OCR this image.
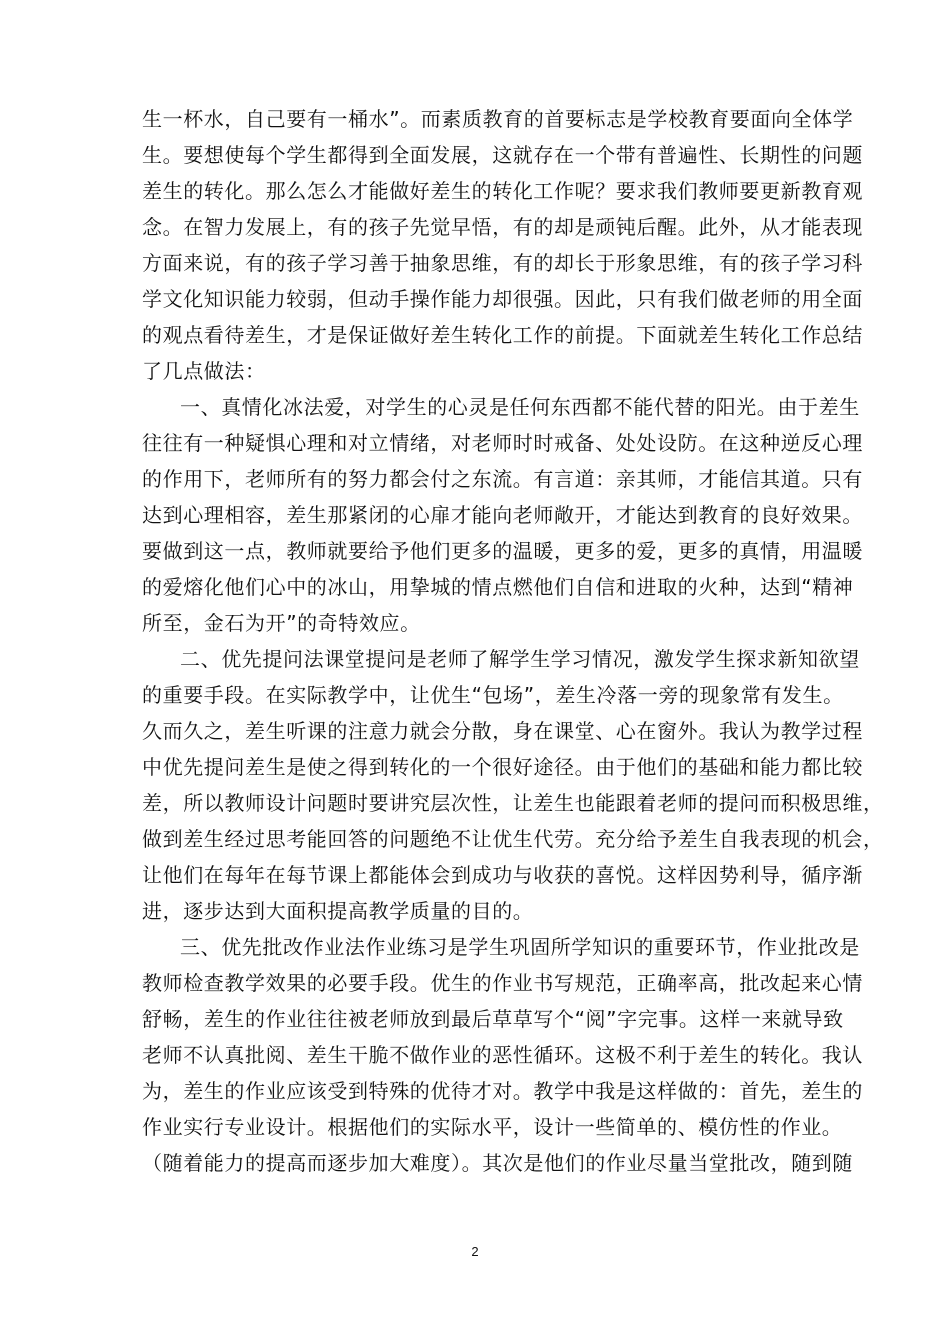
生一杯水，自己要有一桶水”。而素质教育的首要标志是学校教育要面向全体学
生。要想使每个学生都得到全面发展，这就存在一个带有普遍性、长期性的问题
差生的转化。那么怎么才能做好差生的转化工作呢？要求我们教师要更新教育观
念。在智力发展上，有的孩子先觉早悟，有的却是顽钝后醒。此外，从才能表现
方面来说，有的孩子学习善于抽象思维，有的却长于形象思维，有的孩子学习科
学文化知识能力较弱，但动手操作能力却很强。因此，只有我们做老师的用全面
的观点看待差生，才是保证做好差生转化工作的前提。下面就差生转化工作总结
了几点做法：
一、真情化冰法爱，对学生的心灵是任何东西都不能代替的阳光。由于差生
往往有一种疑惧心理和对立情绪，对老师时时戒备、处处设防。在这种逆反心理
的作用下，老师所有的努力都会付之东流。有言道：亲其师，才能信其道。只有
达到心理相容，差生那紧闭的心扉才能向老师敞开，才能达到教育的良好效果。
要做到这一点，教师就要给予他们更多的温暖，更多的爱，更多的真情，用温暖
的爱熔化他们心中的冰山，用挚城的情点燃他们自信和进取的火种，达到“精神
所至，金石为开”的奇特效应。
二、优先提问法课堂提问是老师了解学生学习情况，激发学生探求新知欲望
的重要手段。在实际教学中，让优生“包场”，差生冷落一旁的现象常有发生。
久而久之，差生听课的注意力就会分散，身在课堂、心在窗外。我认为教学过程
中优先提问差生是使之得到转化的一个很好途径。由于他们的基础和能力都比较
差，所以教师设计问题时要讲究层次性，让差生也能跟着老师的提问而积极思维，
做到差生经过思考能回答的问题绝不让优生代劳。充分给予差生自我表现的机会，
让他们在每年在每节课上都能体会到成功与收获的喜悦。这样因势利导，循序渐
进，逐步达到大面积提高教学质量的目的。
三、优先批改作业法作业练习是学生巩固所学知识的重要环节，作业批改是
教师检查教学效果的必要手段。优生的作业书写规范，正确率高，批改起来心情
舒畅，差生的作业往往被老师放到最后草草写个“阅”字完事。这样一来就导致
老师不认真批阅、差生干脆不做作业的恶性循环。这极不利于差生的转化。我认
为，差生的作业应该受到特殊的优待才对。教学中我是这样做的：首先，差生的
作业实行专业设计。根据他们的实际水平，设计一些简单的、模仿性的作业。
（随着能力的提高而逐步加大难度）。其次是他们的作业尽量当堂批改，随到随
2
